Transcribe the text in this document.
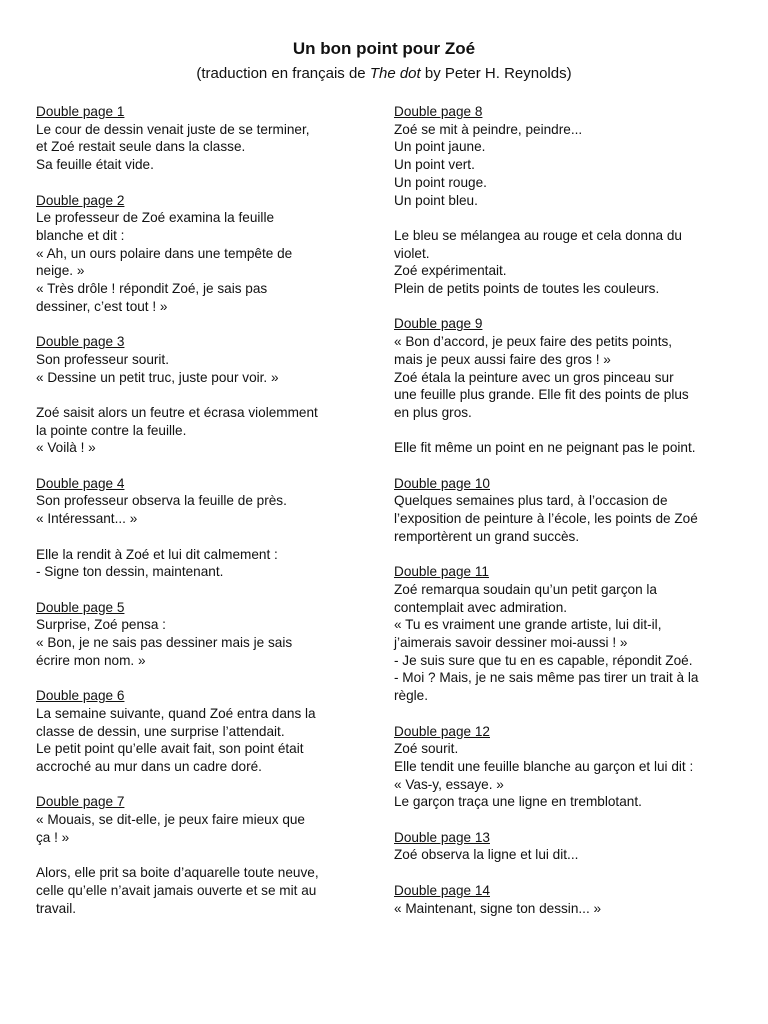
Un bon point pour Zoé
(traduction en français de The dot by Peter H. Reynolds)
Double page 1
Le cour de dessin venait juste de se terminer,
et Zoé restait seule dans la classe.
Sa feuille était vide.
Double page 2
Le professeur de Zoé examina la feuille
blanche et dit :
« Ah, un ours polaire dans une tempête de
neige. »
« Très drôle ! répondit Zoé, je sais pas
dessiner, c’est tout ! »
Double page 3
Son professeur sourit.
« Dessine un petit truc, juste pour voir. »
Zoé saisit alors un feutre et écrasa violemment
la pointe contre la feuille.
« Voilà ! »
Double page 4
Son professeur observa la feuille de près.
« Intéressant... »
Elle la rendit à Zoé et lui dit calmement :
- Signe ton dessin, maintenant.
Double page 5
Surprise, Zoé pensa :
« Bon, je ne sais pas dessiner mais je sais
écrire mon nom. »
Double page 6
La semaine suivante, quand Zoé entra dans la
classe de dessin, une surprise l’attendait.
Le petit point qu’elle avait fait, son point était
accroché au mur dans un cadre doré.
Double page 7
« Mouais, se dit-elle, je peux faire mieux que
ça ! »
Alors, elle prit sa boite d’aquarelle toute neuve,
celle qu’elle n’avait jamais ouverte et se mit au
travail.
Double page 8
Zoé se mit à peindre, peindre...
Un point jaune.
Un point vert.
Un point rouge.
Un point bleu.
Le bleu se mélangea au rouge et cela donna du
violet.
Zoé expérimentait.
Plein de petits points de toutes les couleurs.
Double page 9
« Bon d’accord, je peux faire des petits points,
mais je peux aussi faire des gros ! »
Zoé étala la peinture avec un gros pinceau sur
une feuille plus grande. Elle fit des points de plus
en plus gros.
Elle fit même un point en ne peignant pas le point.
Double page 10
Quelques semaines plus tard, à l’occasion de
l’exposition de peinture à l’école, les points de Zoé
remportèrent un grand succès.
Double page 11
Zoé remarqua soudain qu’un petit garçon la
contemplait avec admiration.
« Tu es vraiment une grande artiste, lui dit-il,
j’aimerais savoir dessiner moi-aussi ! »
- Je suis sure que tu en es capable, répondit Zoé.
- Moi ? Mais, je ne sais même pas tirer un trait à la
règle.
Double page 12
Zoé sourit.
Elle tendit une feuille blanche au garçon et lui dit :
« Vas-y, essaye. »
Le garçon traça une ligne en tremblotant.
Double page 13
Zoé observa la ligne et lui dit...
Double page 14
« Maintenant, signe ton dessin... »
